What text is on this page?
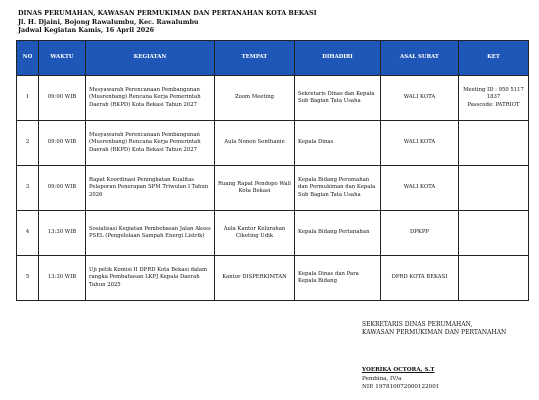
DINAS PERUMAHAN, KAWASAN PERMUKIMAN DAN PERTANAHAN KOTA BEKASI
Jl. H. Djaini, Bojong Rawalumbu, Kec. Rawalumbu
Jadwal Kegiatan Kamis, 16 April 2026
NO	WAKTU	KEGIATAN	TEMPAT	DIHADIRI	ASAL SURAT	KET
1	09:00 WIB	Musyawarah Perencanaan Pembangunan (Musrenbang) Rencana Kerja Pemerintah Daerah (RKPD) Kota Bekasi Tahun 2027	Zoom Meeting	Sekretaris Dinas dan Kepala Sub Bagian Tata Usaha	WALI KOTA	Meeting ID : 950 5117 1837
Passcode: PATRIOT

2	09:00 WIB	Musyawarah Perencanaan Pembangunan (Musrenbang) Rencana Kerja Pemerintah Daerah (RKPD) Kota Bekasi Tahun 2027	Aula Nonon Sonthanie	Kepala Dinas	WALI KOTA	

3	09:00 WIB	Rapat Koordinasi Peningkatan Kualitas Pelaporan Penerapan SPM Triwulan I Tahun 2026	Ruang Rapat Pendopo Wali Kota Bekasi	Kepala Bidang Perumahan dan Permukiman dan Kepala Sub Bagian Tata Usaha	WALI KOTA	

4	13:30 WIB	Sosialisasi Kegiatan Pembebasan Jalan Akses PSEL (Pengelolaan Sampah Energi Listrik)	Aula Kantor Kelurahan Ciketing Udik	Kepala Bidang Pertanahan	DPKPP	

5	13:30 WIB	Uji petik Komisi II DPRD Kota Bekasi dalam rangka Pembahasan LKPJ Kepala Daerah Tahun 2025	Kantor DISPERKIMTAN	Kepala Dinas dan Para Kepala Bidang	DPRD KOTA BEKASI	
SEKRETARIS DINAS PERUMAHAN,
KAWASAN PERMUKIMAN DAN PERTANAHAN
YOERIKA OCTORA, S.T
Pembina, IV/a
NIP. 197810072000122001
